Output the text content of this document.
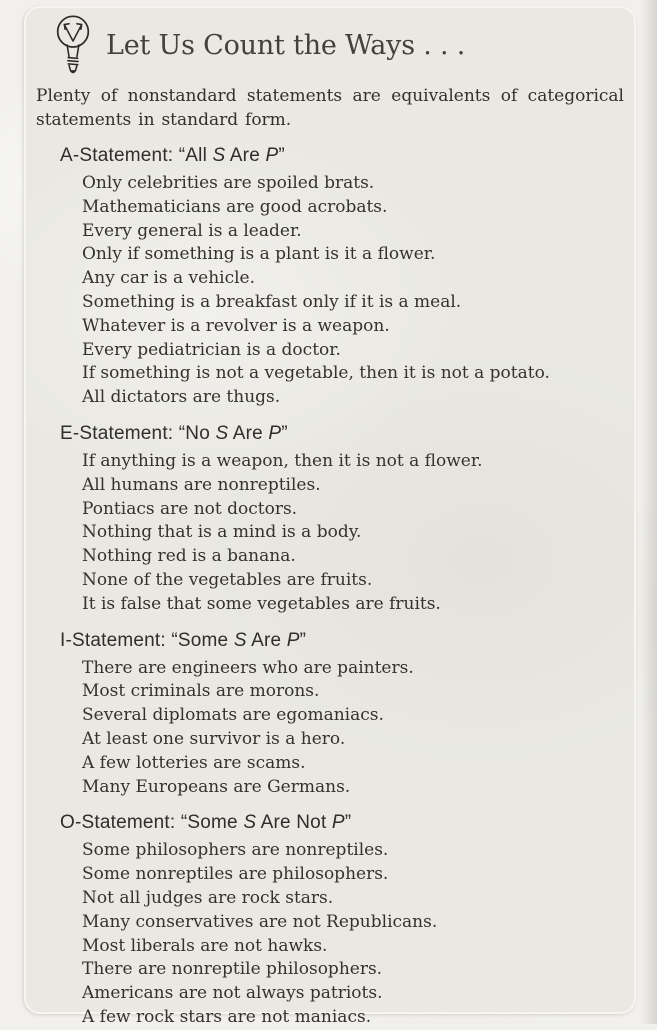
Let Us Count the Ways . . .

Plenty of nonstandard statements are equivalents of categorical statements in standard form.

A-Statement: “All S Are P”
Only celebrities are spoiled brats.
Mathematicians are good acrobats.
Every general is a leader.
Only if something is a plant is it a flower.
Any car is a vehicle.
Something is a breakfast only if it is a meal.
Whatever is a revolver is a weapon.
Every pediatrician is a doctor.
If something is not a vegetable, then it is not a potato.
All dictators are thugs.
E-Statement: “No S Are P”
If anything is a weapon, then it is not a flower.
All humans are nonreptiles.
Pontiacs are not doctors.
Nothing that is a mind is a body.
Nothing red is a banana.
None of the vegetables are fruits.
It is false that some vegetables are fruits.
I-Statement: “Some S Are P”
There are engineers who are painters.
Most criminals are morons.
Several diplomats are egomaniacs.
At least one survivor is a hero.
A few lotteries are scams.
Many Europeans are Germans.
O-Statement: “Some S Are Not P”
Some philosophers are nonreptiles.
Some nonreptiles are philosophers.
Not all judges are rock stars.
Many conservatives are not Republicans.
Most liberals are not hawks.
There are nonreptile philosophers.
Americans are not always patriots.
A few rock stars are not maniacs.
